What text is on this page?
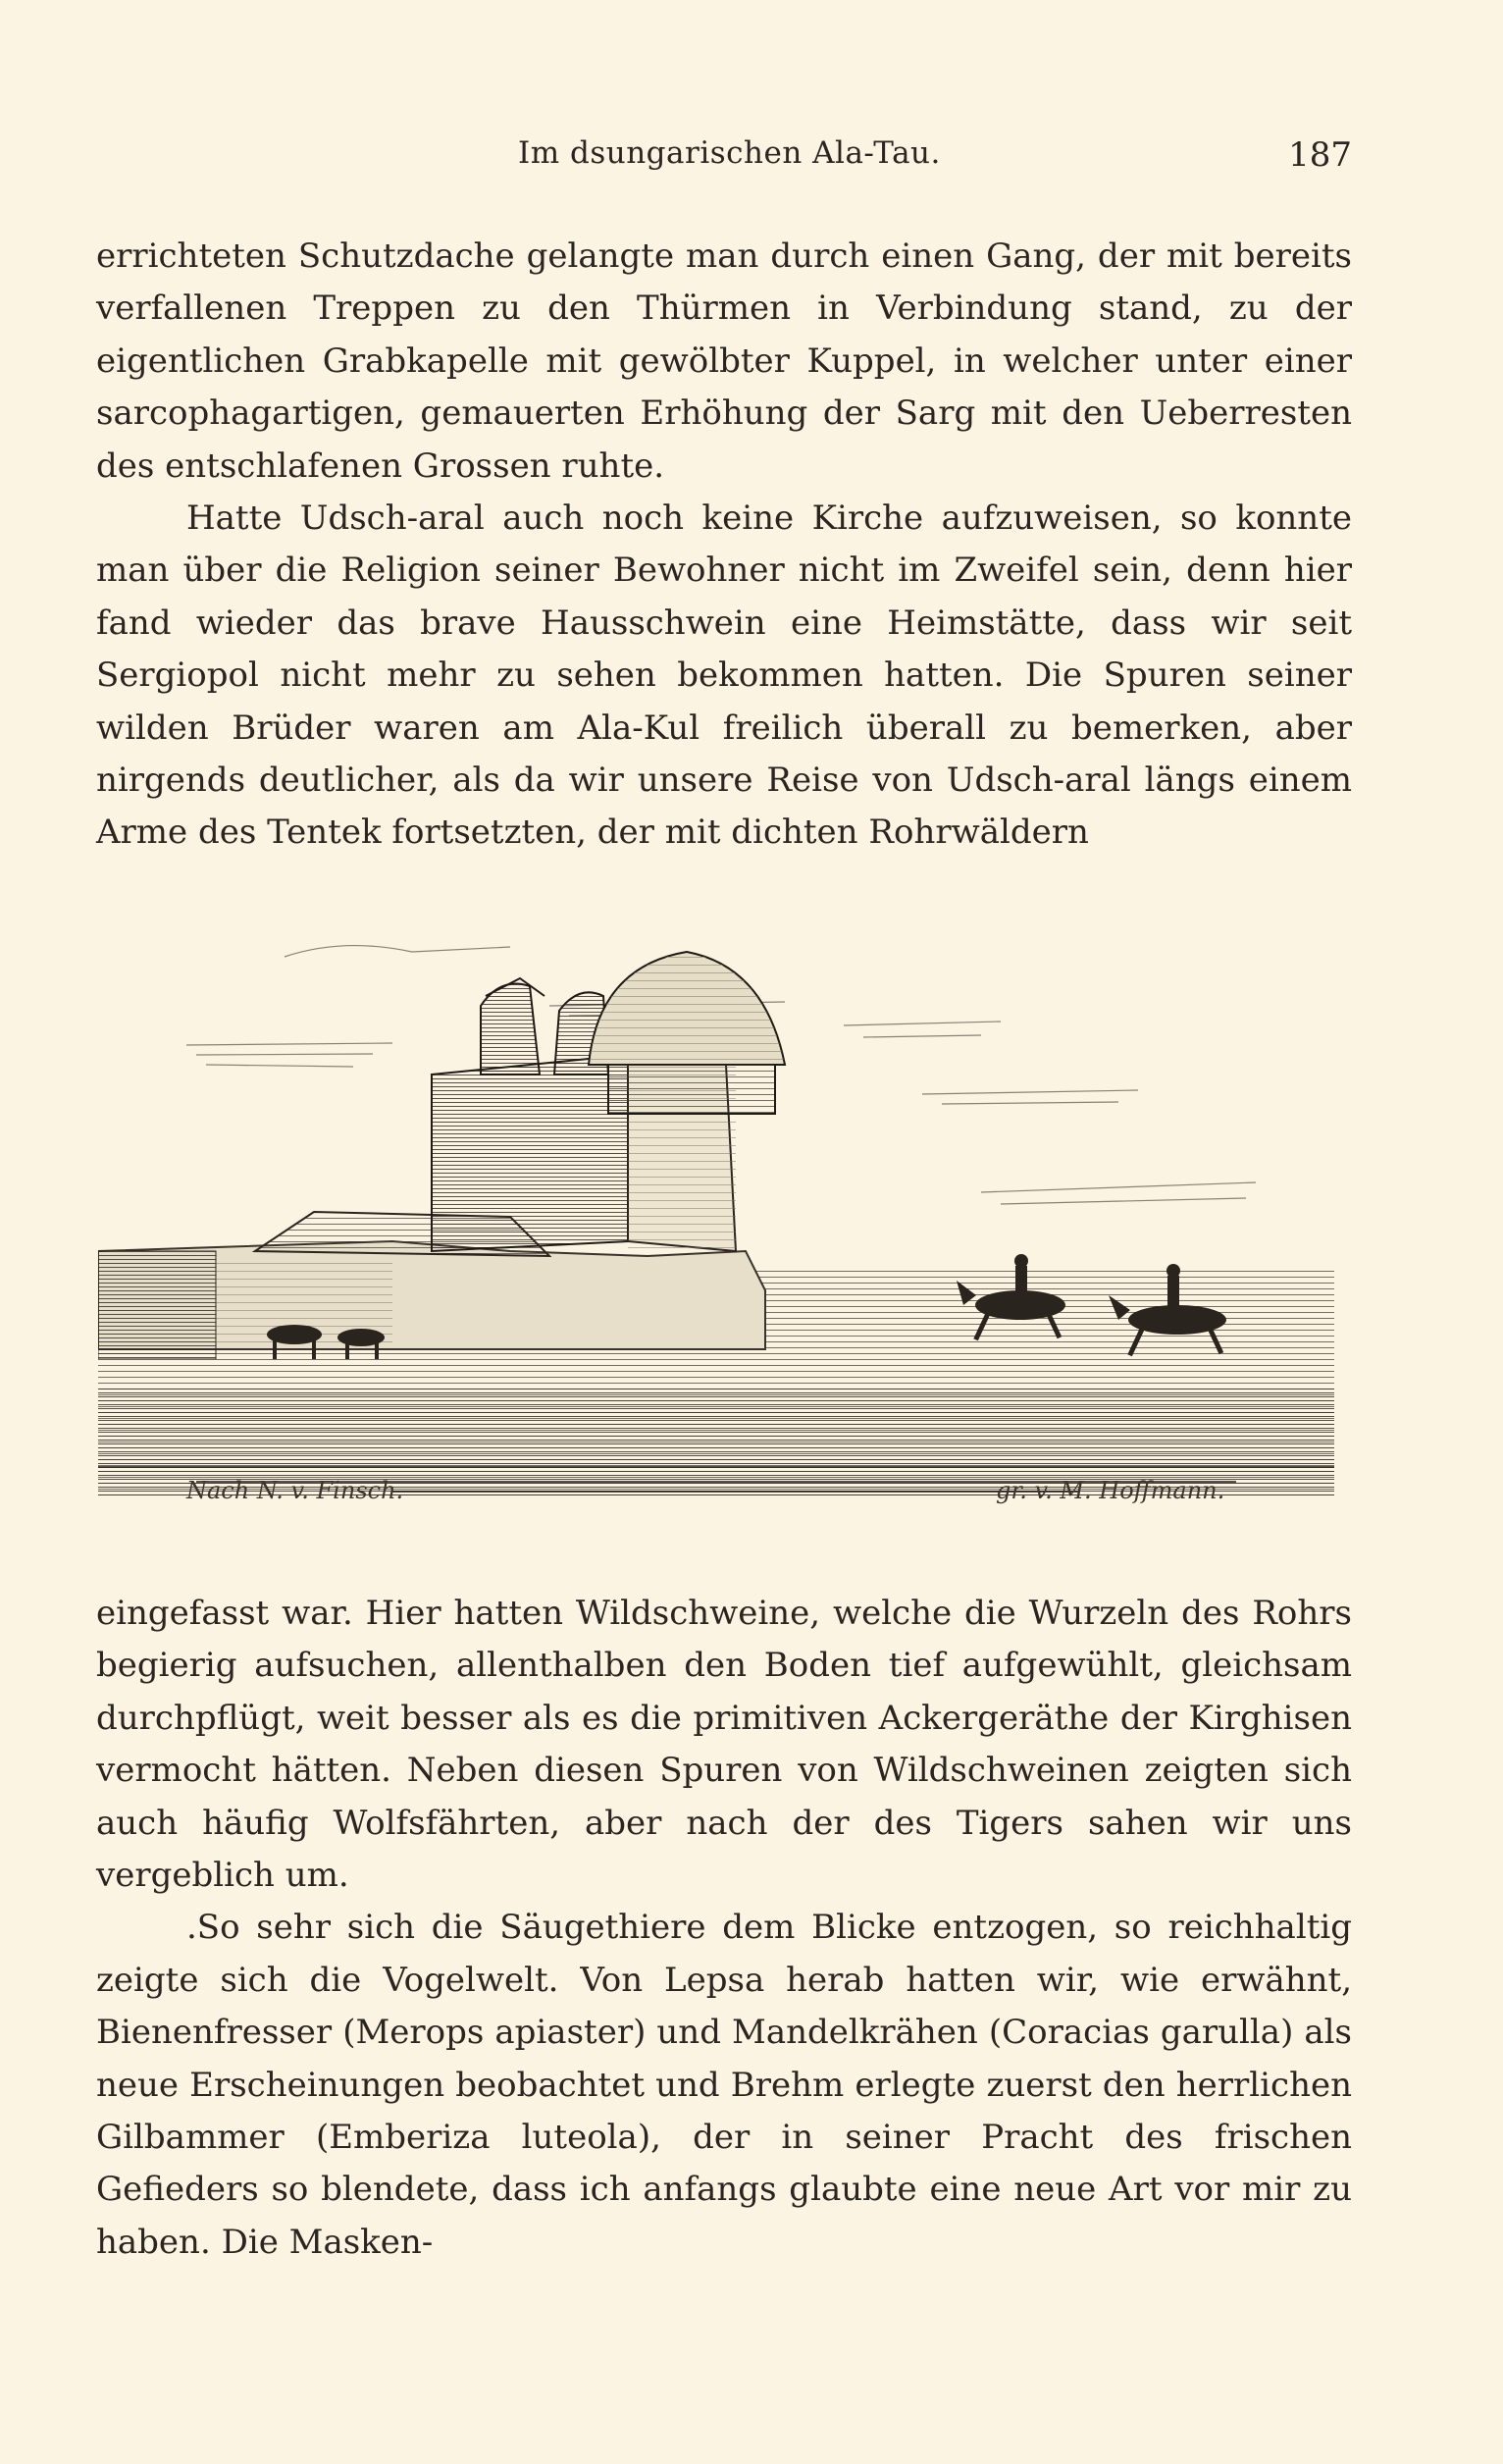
Im dsungarischen Ala-Tau.	187

errichteten Schutzdache gelangte man durch einen Gang, der mit bereits verfallenen Treppen zu den Thürmen in Verbindung stand, zu der eigentlichen Grabkapelle mit gewölbter Kuppel, in welcher unter einer sarcophagartigen, gemauerten Erhöhung der Sarg mit den Ueberresten des entschlafenen Grossen ruhte.

Hatte Udsch-aral auch noch keine Kirche aufzuweisen, so konnte man über die Religion seiner Bewohner nicht im Zweifel sein, denn hier fand wieder das brave Hausschwein eine Heimstätte, dass wir seit Sergiopol nicht mehr zu sehen bekommen hatten. Die Spuren seiner wilden Brüder waren am Ala-Kul freilich überall zu bemerken, aber nirgends deutlicher, als da wir unsere Reise von Udsch-aral längs einem Arme des Tentek fortsetzten, der mit dichten Rohrwäldern

Nach N. v. Finsch.	gr. v. M. Hoffmann.

eingefasst war. Hier hatten Wildschweine, welche die Wurzeln des Rohrs begierig aufsuchen, allenthalben den Boden tief aufgewühlt, gleichsam durchpflügt, weit besser als es die primitiven Ackergeräthe der Kirghisen vermocht hätten. Neben diesen Spuren von Wildschweinen zeigten sich auch häufig Wolfsfährten, aber nach der des Tigers sahen wir uns vergeblich um.

.So sehr sich die Säugethiere dem Blicke entzogen, so reichhaltig zeigte sich die Vogelwelt. Von Lepsa herab hatten wir, wie erwähnt, Bienenfresser (Merops apiaster) und Mandelkrähen (Coracias garulla) als neue Erscheinungen beobachtet und Brehm erlegte zuerst den herrlichen Gilbammer (Emberiza luteola), der in seiner Pracht des frischen Gefieders so blendete, dass ich anfangs glaubte eine neue Art vor mir zu haben. Die Masken-
